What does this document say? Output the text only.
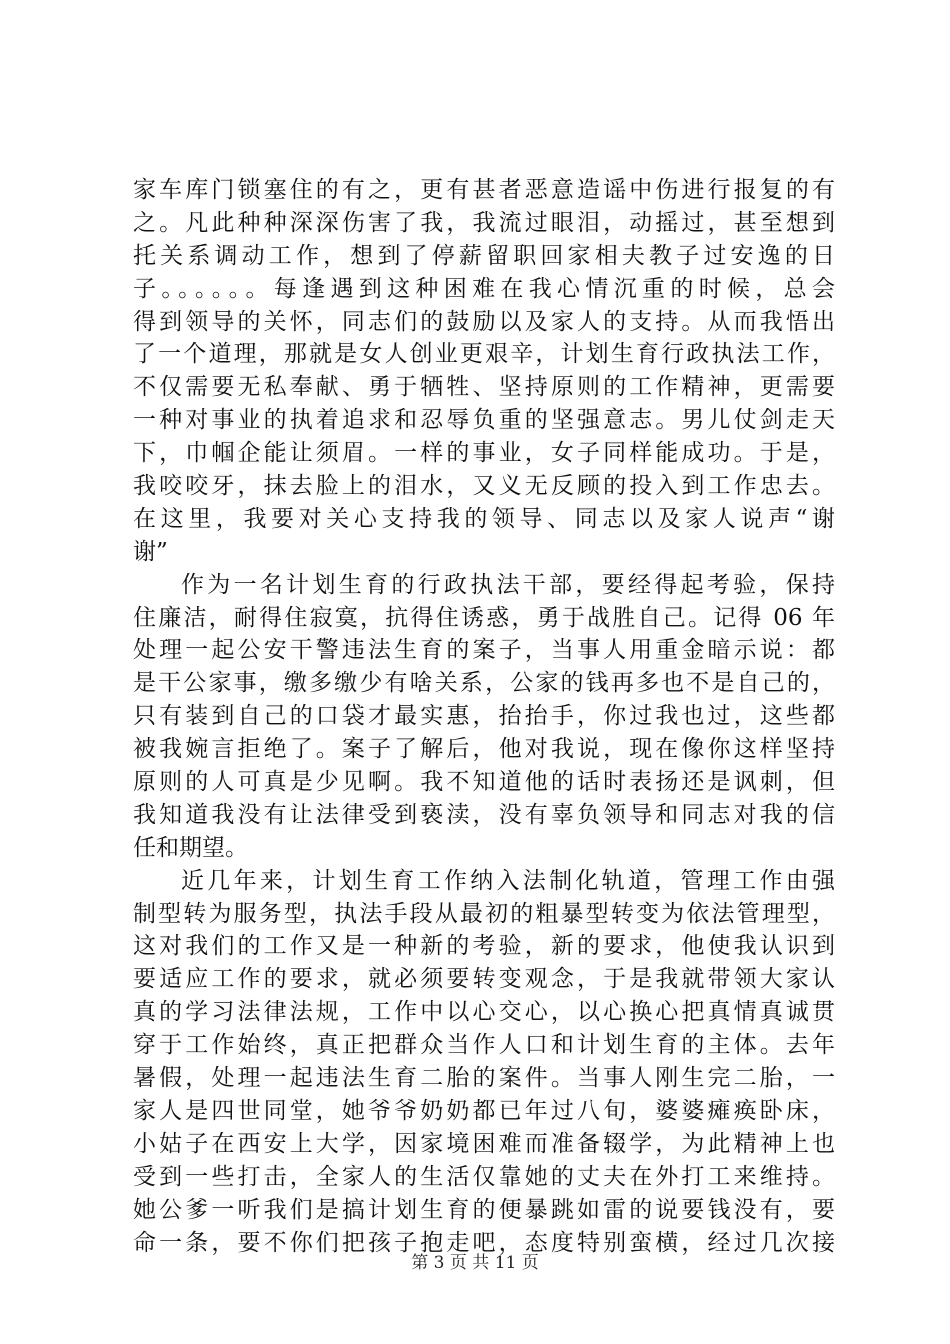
家车库门锁塞住的有之，更有甚者恶意造谣中伤进行报复的有
之。凡此种种深深伤害了我，我流过眼泪，动摇过，甚至想到
托关系调动工作，想到了停薪留职回家相夫教子过安逸的日
子。。。。。。每逢遇到这种困难在我心情沉重的时候，总会
得到领导的关怀，同志们的鼓励以及家人的支持。从而我悟出
了一个道理，那就是女人创业更艰辛，计划生育行政执法工作，
不仅需要无私奉献、勇于牺牲、坚持原则的工作精神，更需要
一种对事业的执着追求和忍辱负重的坚强意志。男儿仗剑走天
下，巾帼企能让须眉。一样的事业，女子同样能成功。于是，
我咬咬牙，抹去脸上的泪水，又义无反顾的投入到工作忠去。
在这里，我要对关心支持我的领导、同志以及家人说声“谢
谢”
作为一名计划生育的行政执法干部，要经得起考验，保持
住廉洁，耐得住寂寞，抗得住诱惑，勇于战胜自己。记得 06 年
处理一起公安干警违法生育的案子，当事人用重金暗示说：都
是干公家事，缴多缴少有啥关系，公家的钱再多也不是自己的，
只有装到自己的口袋才最实惠，抬抬手，你过我也过，这些都
被我婉言拒绝了。案子了解后，他对我说，现在像你这样坚持
原则的人可真是少见啊。我不知道他的话时表扬还是讽刺，但
我知道我没有让法律受到亵渎，没有辜负领导和同志对我的信
任和期望。
近几年来，计划生育工作纳入法制化轨道，管理工作由强
制型转为服务型，执法手段从最初的粗暴型转变为依法管理型，
这对我们的工作又是一种新的考验，新的要求，他使我认识到
要适应工作的要求，就必须要转变观念，于是我就带领大家认
真的学习法律法规，工作中以心交心，以心换心把真情真诚贯
穿于工作始终，真正把群众当作人口和计划生育的主体。去年
暑假，处理一起违法生育二胎的案件。当事人刚生完二胎，一
家人是四世同堂，她爷爷奶奶都已年过八旬，婆婆瘫痪卧床，
小姑子在西安上大学，因家境困难而准备辍学，为此精神上也
受到一些打击，全家人的生活仅靠她的丈夫在外打工来维持。
她公爹一听我们是搞计划生育的便暴跳如雷的说要钱没有，要
命一条，要不你们把孩子抱走吧，态度特别蛮横，经过几次接
第 3 页 共 11 页
